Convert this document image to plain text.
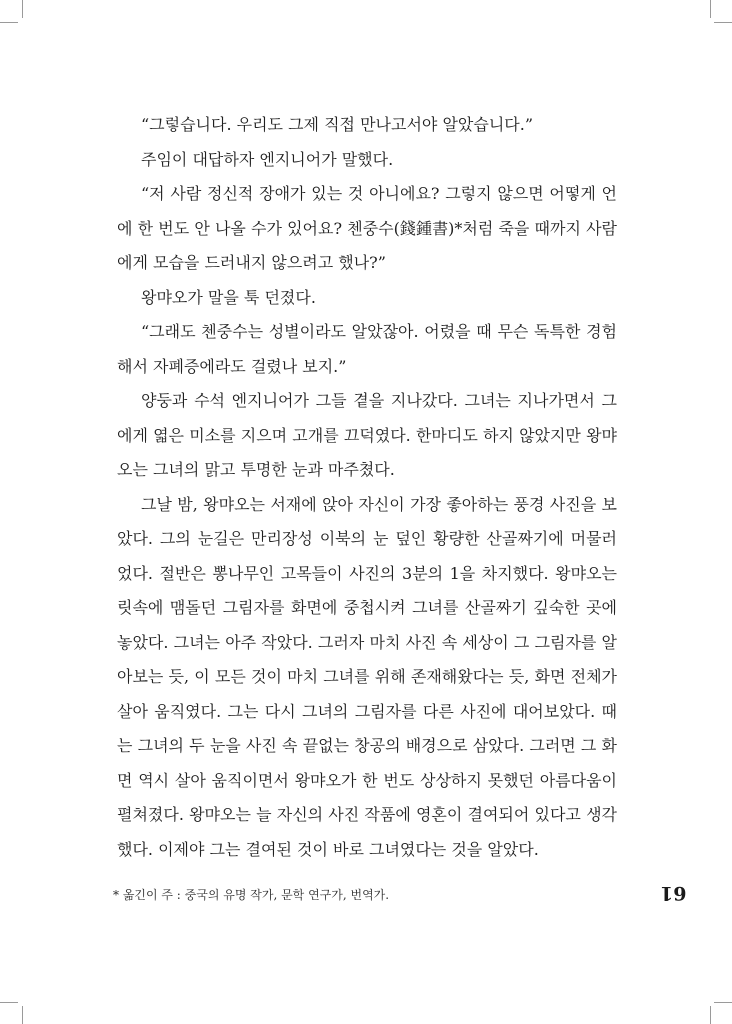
“그렇습니다. 우리도 그제 직접 만나고서야 알았습니다.”
주임이 대답하자 엔지니어가 말했다.
“저 사람 정신적 장애가 있는 것 아니에요? 그렇지 않으면 어떻게 언
에 한 번도 안 나올 수가 있어요? 첸중수(錢鍾書)*처럼 죽을 때까지 사람
에게 모습을 드러내지 않으려고 했나?”
왕먀오가 말을 툭 던졌다.
“그래도 첸중수는 성별이라도 알았잖아. 어렸을 때 무슨 독특한 경험
해서 자폐증에라도 걸렸나 보지.”
양둥과 수석 엔지니어가 그들 곁을 지나갔다. 그녀는 지나가면서 그
에게 엷은 미소를 지으며 고개를 끄덕였다. 한마디도 하지 않았지만 왕먀
오는 그녀의 맑고 투명한 눈과 마주쳤다.
그날 밤, 왕먀오는 서재에 앉아 자신이 가장 좋아하는 풍경 사진을 보
았다. 그의 눈길은 만리장성 이북의 눈 덮인 황량한 산골짜기에 머물러
었다. 절반은 뽕나무인 고목들이 사진의 3분의 1을 차지했다. 왕먀오는
릿속에 맴돌던 그림자를 화면에 중첩시켜 그녀를 산골짜기 깊숙한 곳에
놓았다. 그녀는 아주 작았다. 그러자 마치 사진 속 세상이 그 그림자를 알
아보는 듯, 이 모든 것이 마치 그녀를 위해 존재해왔다는 듯, 화면 전체가
살아 움직였다. 그는 다시 그녀의 그림자를 다른 사진에 대어보았다. 때
는 그녀의 두 눈을 사진 속 끝없는 창공의 배경으로 삼았다. 그러면 그 화
면 역시 살아 움직이면서 왕먀오가 한 번도 상상하지 못했던 아름다움이
펼쳐졌다. 왕먀오는 늘 자신의 사진 작품에 영혼이 결여되어 있다고 생각
했다. 이제야 그는 결여된 것이 바로 그녀였다는 것을 알았다.
* 옮긴이 주 : 중국의 유명 작가, 문학 연구가, 번역가.	61
